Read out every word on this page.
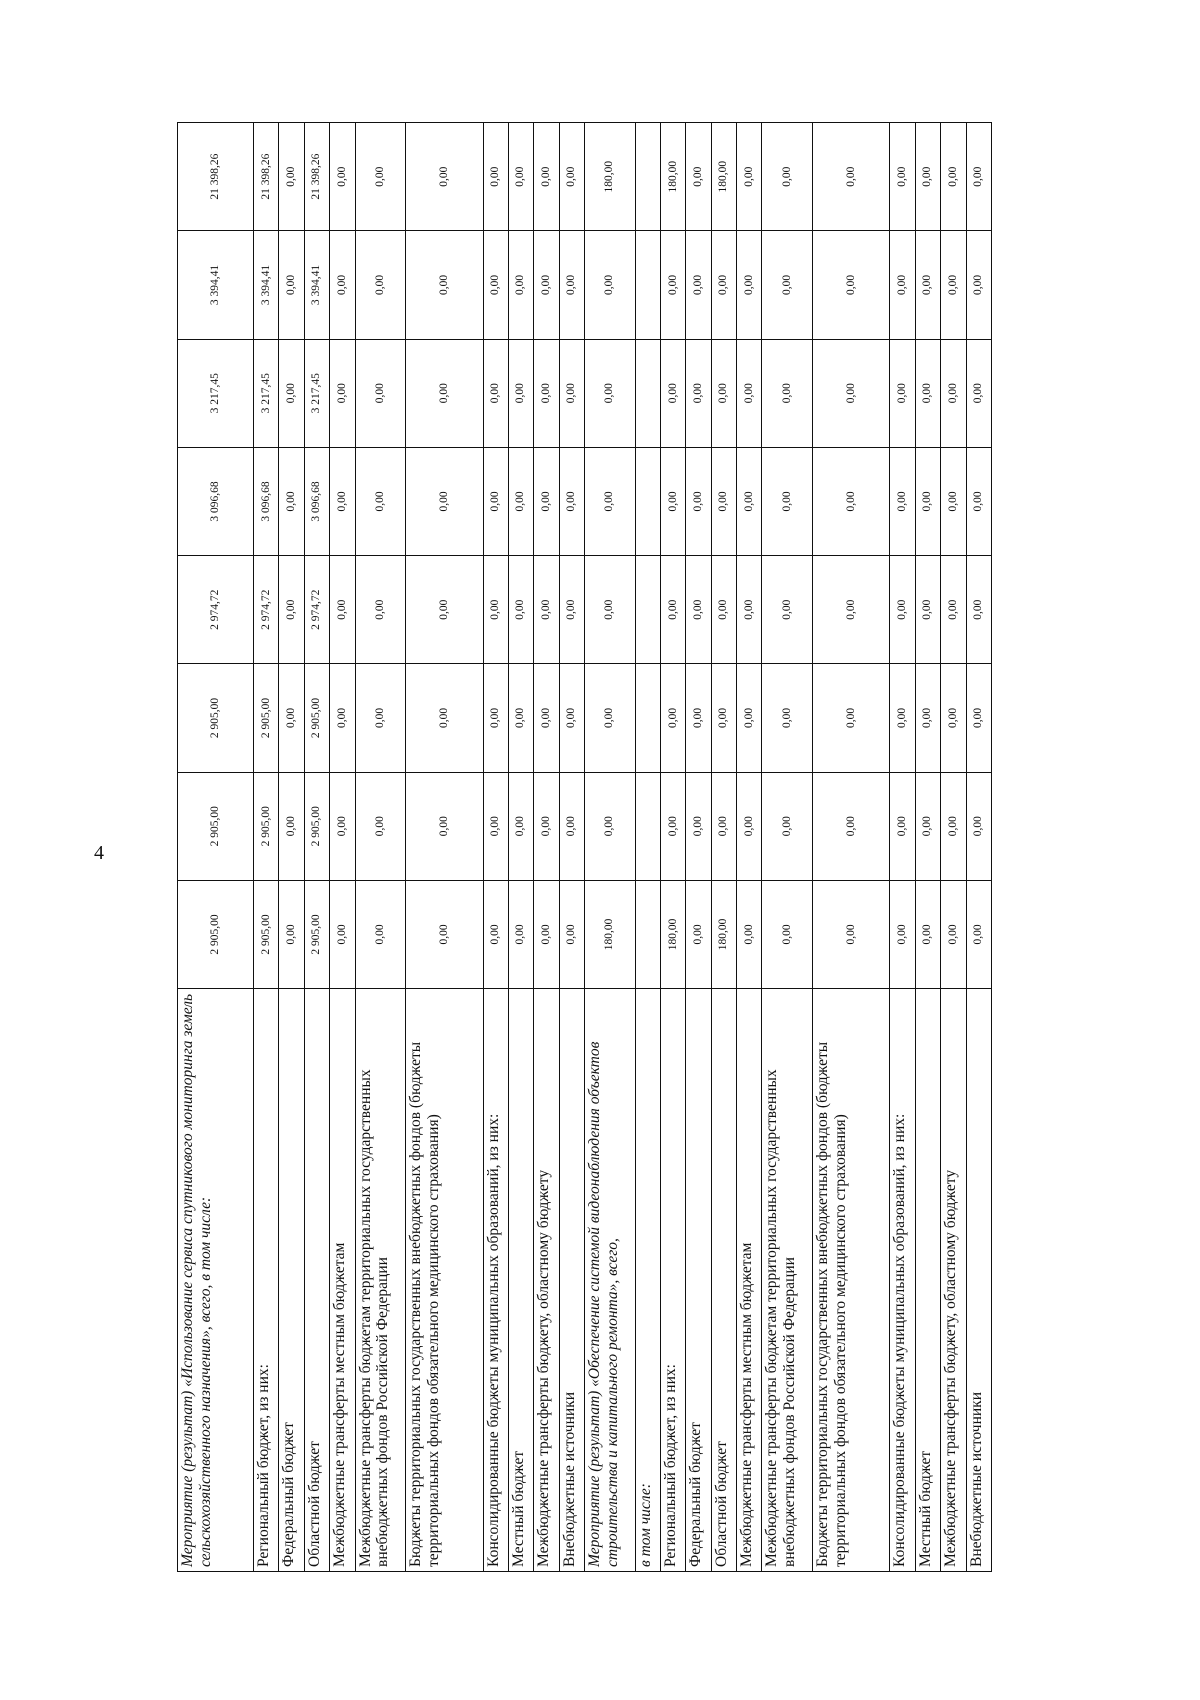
4
Мероприятие (результат) «Использование сервиса спутникового мониторинга земель сельскохозяйственного назначения», всего, в том числе:	2 905,00	2 905,00	2 905,00	2 974,72	3 096,68	3 217,45	3 394,41	21 398,26
Региональный бюджет, из них:	2 905,00	2 905,00	2 905,00	2 974,72	3 096,68	3 217,45	3 394,41	21 398,26
Федеральный бюджет	0,00	0,00	0,00	0,00	0,00	0,00	0,00	0,00
Областной бюджет	2 905,00	2 905,00	2 905,00	2 974,72	3 096,68	3 217,45	3 394,41	21 398,26
Межбюджетные трансферты местным бюджетам	0,00	0,00	0,00	0,00	0,00	0,00	0,00	0,00
Межбюджетные трансферты бюджетам территориальных государственных внебюджетных фондов Российской Федерации	0,00	0,00	0,00	0,00	0,00	0,00	0,00	0,00
Бюджеты территориальных государственных внебюджетных фондов (бюджеты территориальных фондов обязательного медицинского страхования)	0,00	0,00	0,00	0,00	0,00	0,00	0,00	0,00
Консолидированные бюджеты муниципальных образований, из них:	0,00	0,00	0,00	0,00	0,00	0,00	0,00	0,00
Местный бюджет	0,00	0,00	0,00	0,00	0,00	0,00	0,00	0,00
Межбюджетные трансферты бюджету, областному бюджету	0,00	0,00	0,00	0,00	0,00	0,00	0,00	0,00
Внебюджетные источники	0,00	0,00	0,00	0,00	0,00	0,00	0,00	0,00
Мероприятие (результат) «Обеспечение системой видеонаблюдения объектов строительства и капитального ремонта», всего,	180,00	0,00	0,00	0,00	0,00	0,00	0,00	180,00
в том числе:								
Региональный бюджет, из них:	180,00	0,00	0,00	0,00	0,00	0,00	0,00	180,00
Федеральный бюджет	0,00	0,00	0,00	0,00	0,00	0,00	0,00	0,00
Областной бюджет	180,00	0,00	0,00	0,00	0,00	0,00	0,00	180,00
Межбюджетные трансферты местным бюджетам	0,00	0,00	0,00	0,00	0,00	0,00	0,00	0,00
Межбюджетные трансферты бюджетам территориальных государственных внебюджетных фондов Российской Федерации	0,00	0,00	0,00	0,00	0,00	0,00	0,00	0,00
Бюджеты территориальных государственных внебюджетных фондов (бюджеты территориальных фондов обязательного медицинского страхования)	0,00	0,00	0,00	0,00	0,00	0,00	0,00	0,00
Консолидированные бюджеты муниципальных образований, из них:	0,00	0,00	0,00	0,00	0,00	0,00	0,00	0,00
Местный бюджет	0,00	0,00	0,00	0,00	0,00	0,00	0,00	0,00
Межбюджетные трансферты бюджету, областному бюджету	0,00	0,00	0,00	0,00	0,00	0,00	0,00	0,00
Внебюджетные источники	0,00	0,00	0,00	0,00	0,00	0,00	0,00	0,00
